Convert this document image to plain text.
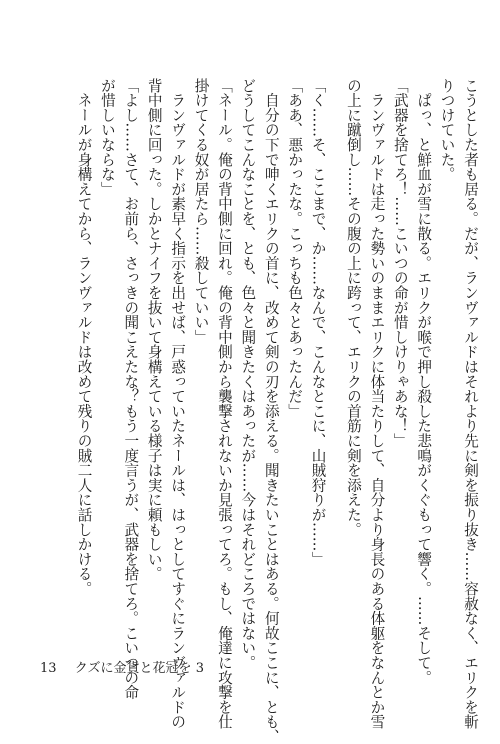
こうとした者も居る。だが、ランヴァルドはそれより先に剣を振り抜き……容赦なく、エリクを斬
りつけていた。
　ぱっ、と鮮血が雪に散る。エリクが喉で押し殺した悲鳴がくぐもって響く。……そして。
「武器を捨てろ！……こいつの命が惜しけりゃあな！」
　ランヴァルドは走った勢いのままエリクに体当たりして、自分より身長のある体躯をなんとか雪
の上に蹴倒し……その腹の上に跨って、エリクの首筋に剣を添えた。
「く……そ、ここまで、か……なんで、こんなとこに、山賊狩りが……」
「ああ、悪かったな。こっちも色々とあったんだ」
　自分の下で呻くエリクの首に、改めて剣の刃を添える。聞きたいことはある。何故ここに、とも、
どうしてこんなことを、とも、色々と聞きたくはあったが……今はそれどころではない。
「ネール。俺の背中側に回れ。俺の背中側から襲撃されないか見張ってろ。もし、俺達に攻撃を仕
掛けてくる奴が居たら……殺していい」
　ランヴァルドが素早く指示を出せば、戸惑っていたネールは、はっとしてすぐにランヴァルドの
背中側に回った。しかとナイフを抜いて身構えている様子は実に頼もしい。
「よし……さて、お前ら、さっきの聞こえたな？もう一度言うが、武器を捨てろ。こいつの命
が惜しいならな」
　ネールが身構えてから、ランヴァルドは改めて残りの賊二人に話しかける。
13 クズに金貨と花冠を 3
